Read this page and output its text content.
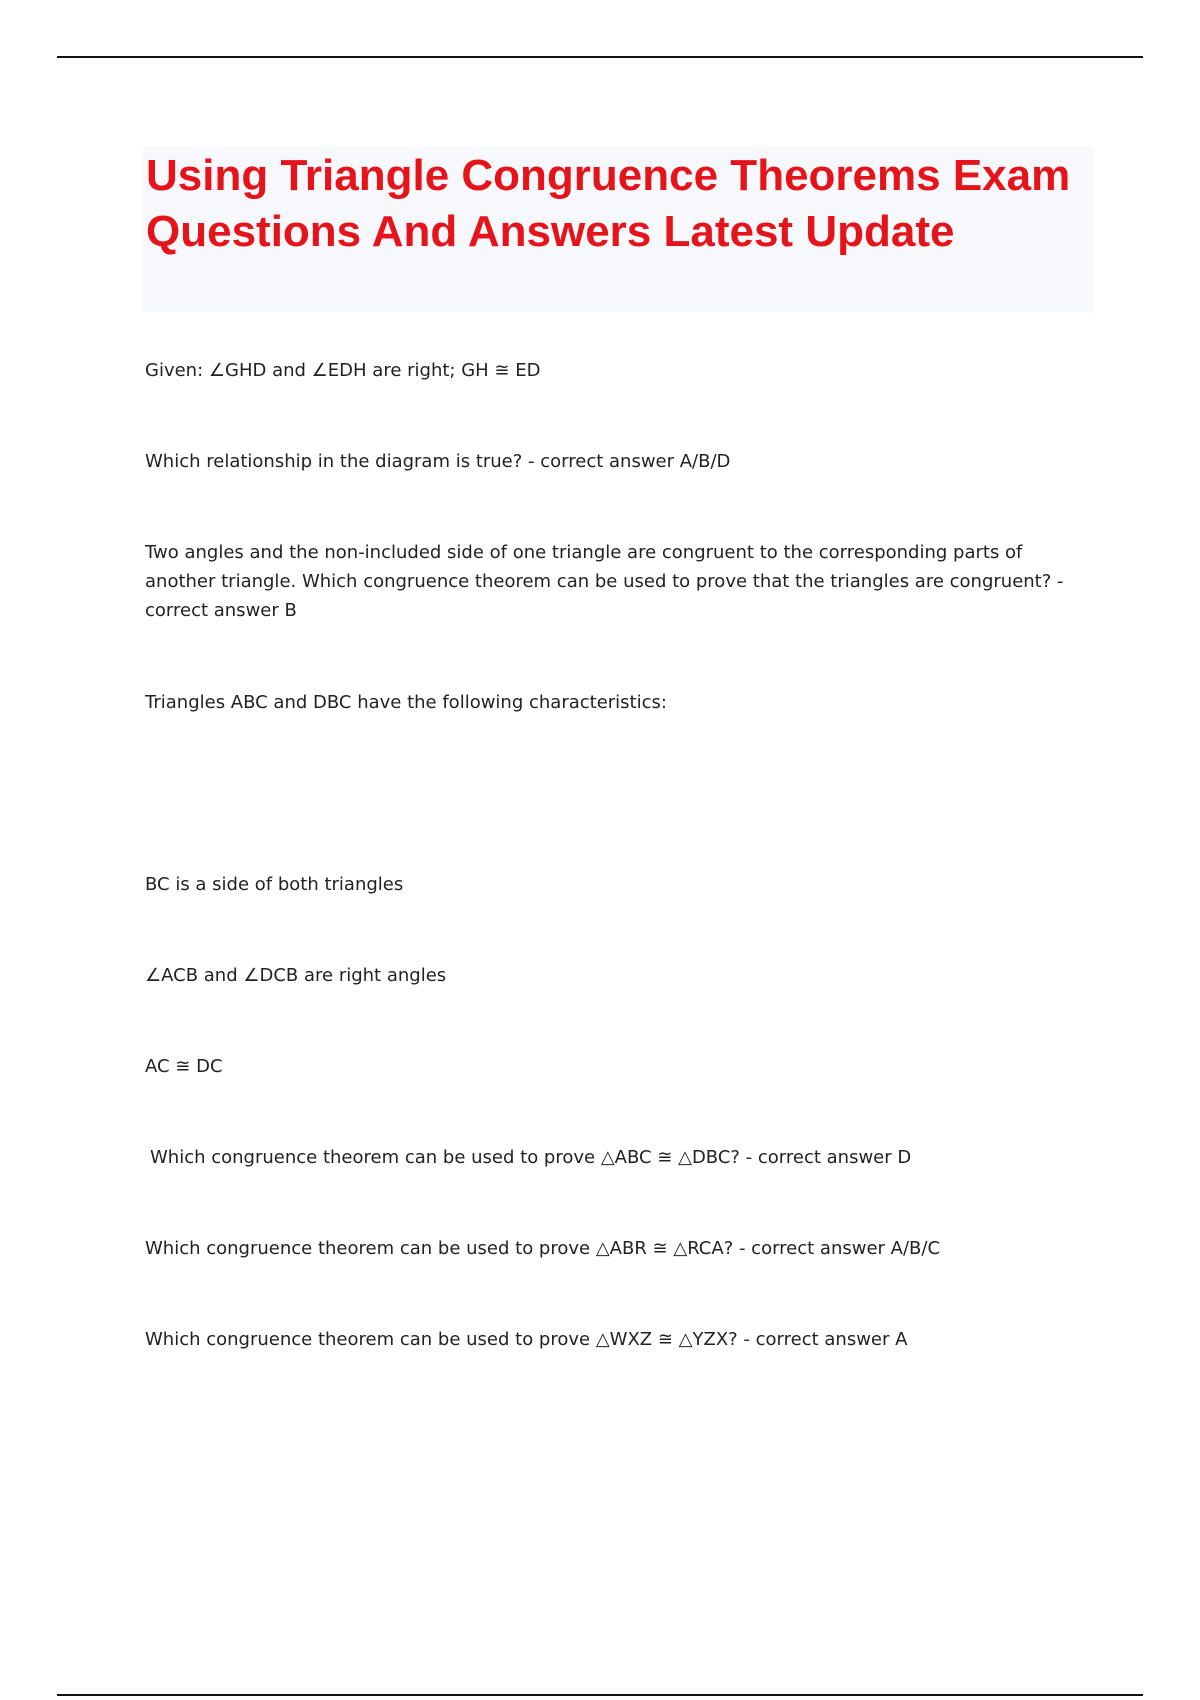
Using Triangle Congruence Theorems Exam Questions And Answers Latest Update

Given: ∠GHD and ∠EDH are right; GH ≅ ED

Which relationship in the diagram is true? - correct answer A/B/D

Two angles and the non-included side of one triangle are congruent to the corresponding parts of another triangle. Which congruence theorem can be used to prove that the triangles are congruent? - correct answer B

Triangles ABC and DBC have the following characteristics:

BC is a side of both triangles

∠ACB and ∠DCB are right angles

AC ≅ DC

Which congruence theorem can be used to prove △ABC ≅ △DBC? - correct answer D

Which congruence theorem can be used to prove △ABR ≅ △RCA? - correct answer A/B/C

Which congruence theorem can be used to prove △WXZ ≅ △YZX? - correct answer A
